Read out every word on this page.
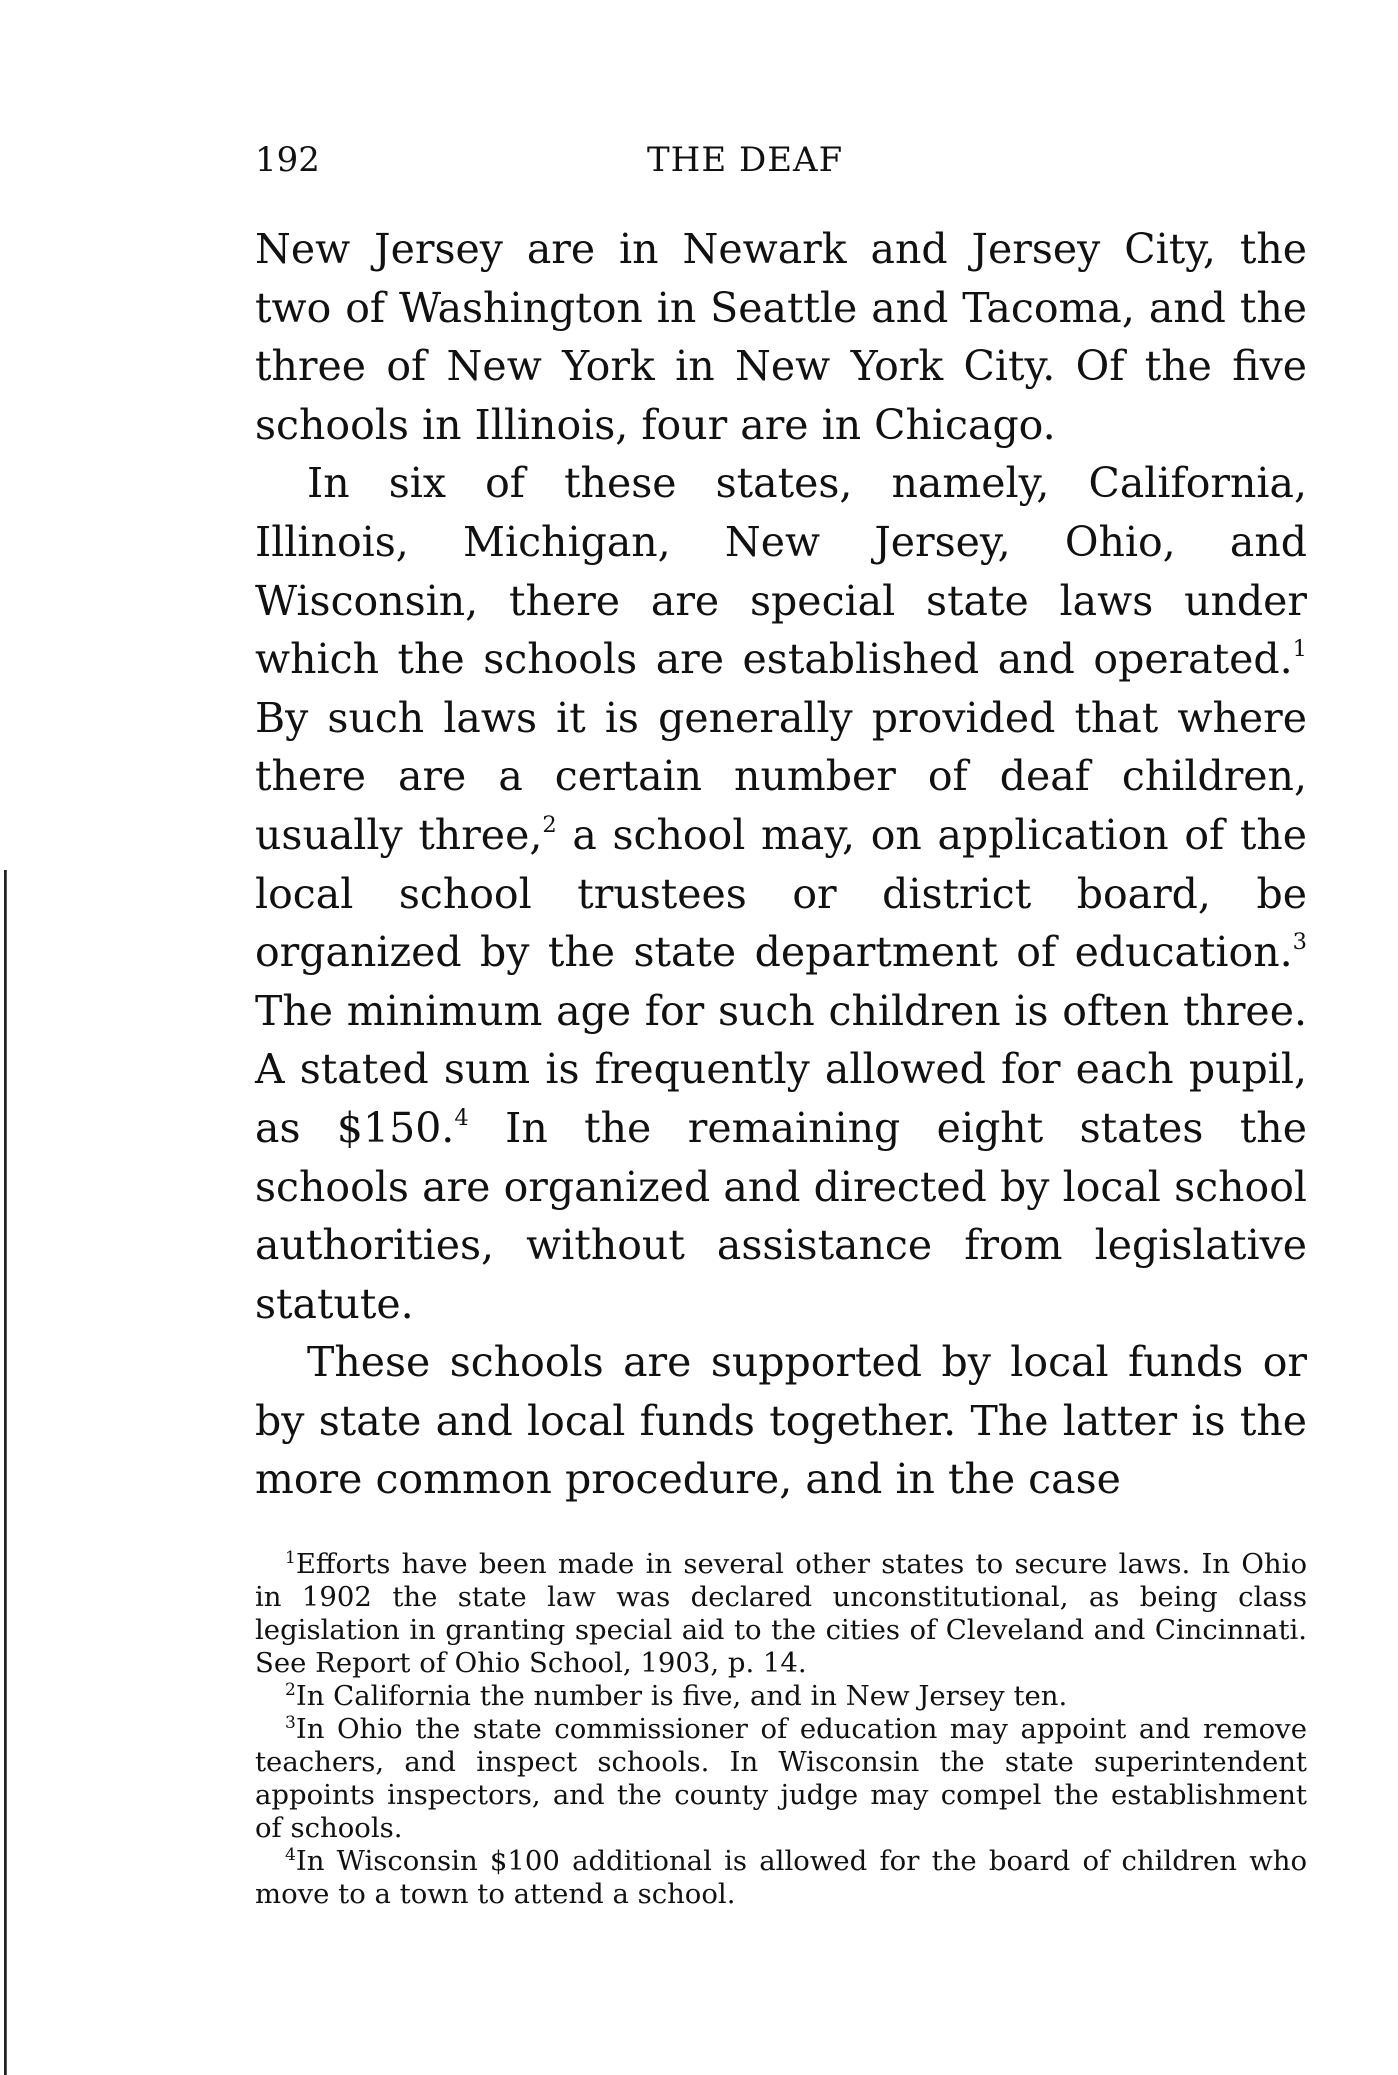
192	THE DEAF

New Jersey are in Newark and Jersey City, the two of Washington in Seattle and Tacoma, and the three of New York in New York City. Of the five schools in Illinois, four are in Chicago.

In six of these states, namely, California, Illinois, Michigan, New Jersey, Ohio, and Wisconsin, there are special state laws under which the schools are established and operated.$^1$ By such laws it is generally provided that where there are a certain number of deaf children, usually three,$^2$ a school may, on application of the local school trustees or district board, be organized by the state department of education.$^3$ The minimum age for such children is often three. A stated sum is frequently allowed for each pupil, as $150.$^4$ In the remaining eight states the schools are organized and directed by local school authorities, without assistance from legislative statute.

These schools are supported by local funds or by state and local funds together. The latter is the more common procedure, and in the case

$^1$Efforts have been made in several other states to secure laws. In Ohio in 1902 the state law was declared unconstitutional, as being class legislation in granting special aid to the cities of Cleveland and Cincinnati. See Report of Ohio School, 1903, p. 14.

$^2$In California the number is five, and in New Jersey ten.

$^3$In Ohio the state commissioner of education may appoint and remove teachers, and inspect schools. In Wisconsin the state superintendent appoints inspectors, and the county judge may compel the establishment of schools.

$^4$In Wisconsin $100 additional is allowed for the board of children who move to a town to attend a school.
